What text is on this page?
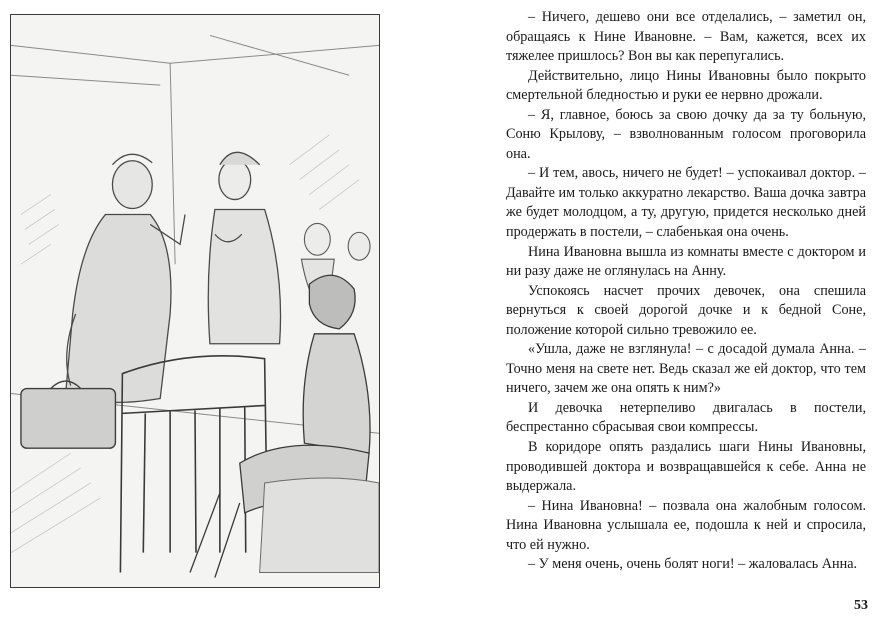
– Ничего, дешево они все отделались, – заметил он, обращаясь к Нине Ивановне. – Вам, кажется, всех их тяжелее пришлось? Вон вы как перепугались.

Действительно, лицо Нины Ивановны было покрыто смертельной бледностью и руки ее нервно дрожали.

– Я, главное, боюсь за свою дочку да за ту больную, Соню Крылову, – взволнованным голосом проговорила она.

– И тем, авось, ничего не будет! – успокаивал доктор. – Давайте им только аккуратно лекарство. Ваша дочка завтра же будет молодцом, а ту, другую, придется несколько дней продержать в постели, – слабенькая она очень.

Нина Ивановна вышла из комнаты вместе с доктором и ни разу даже не оглянулась на Анну.

Успокоясь насчет прочих девочек, она спешила вернуться к своей дорогой дочке и к бедной Соне, положение которой сильно тревожило ее.

«Ушла, даже не взглянула! – с досадой думала Анна. – Точно меня на свете нет. Ведь сказал же ей доктор, что тем ничего, зачем же она опять к ним?»

И девочка нетерпеливо двигалась в постели, беспрестанно сбрасывая свои компрессы.

В коридоре опять раздались шаги Нины Ивановны, проводившей доктора и возвращавшейся к себе. Анна не выдержала.

– Нина Ивановна! – позвала она жалобным голосом. Нина Ивановна услышала ее, подошла к ней и спросила, что ей нужно.

– У меня очень, очень болят ноги! – жаловалась Анна.

53
